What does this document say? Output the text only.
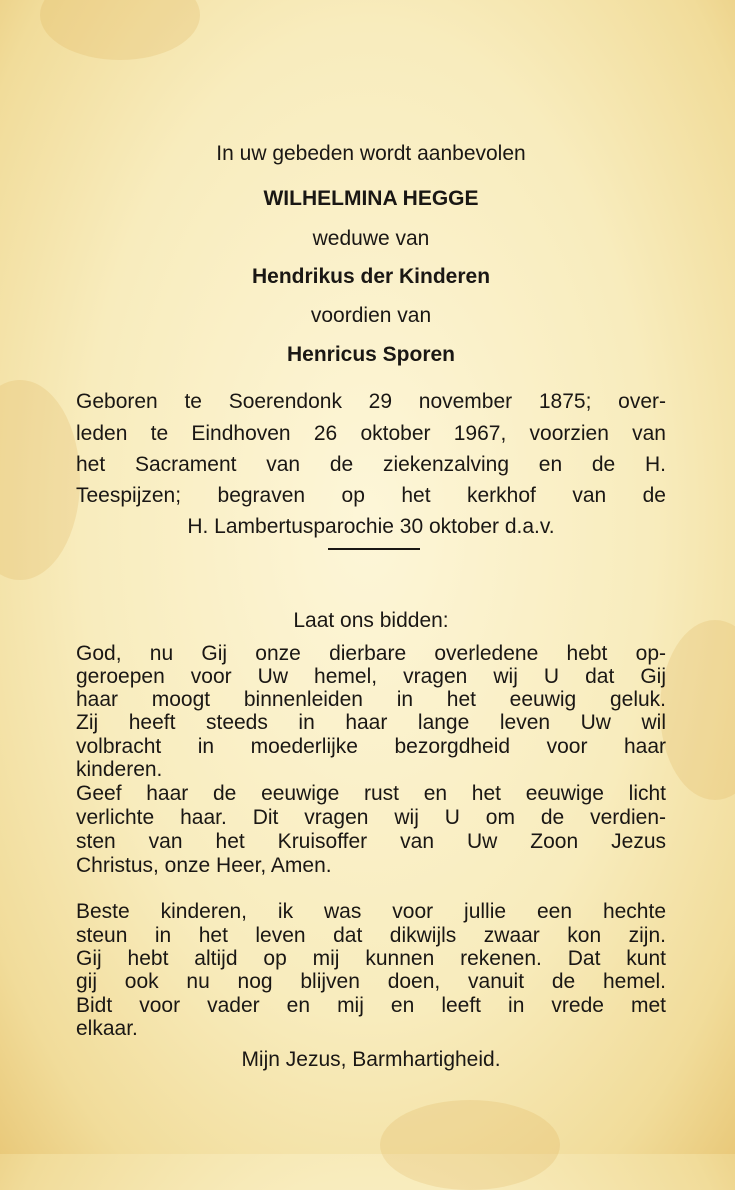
In uw gebeden wordt aanbevolen

WILHELMINA HEGGE

weduwe van

Hendrikus der Kinderen

voordien van

Henricus Sporen

Geboren te Soerendonk 29 november 1875; over-

leden te Eindhoven 26 oktober 1967, voorzien van

het Sacrament van de ziekenzalving en de H.

Teespijzen; begraven op het kerkhof van de

H. Lambertusparochie 30 oktober d.a.v.

Laat ons bidden:

God, nu Gij onze dierbare overledene hebt op-

geroepen voor Uw hemel, vragen wij U dat Gij

haar moogt binnenleiden in het eeuwig geluk.

Zij heeft steeds in haar lange leven Uw wil

volbracht in moederlijke bezorgdheid voor haar

kinderen.

Geef haar de eeuwige rust en het eeuwige licht

verlichte haar. Dit vragen wij U om de verdien-

sten van het Kruisoffer van Uw Zoon Jezus

Christus, onze Heer, Amen.

Beste kinderen, ik was voor jullie een hechte

steun in het leven dat dikwijls zwaar kon zijn.

Gij hebt altijd op mij kunnen rekenen. Dat kunt

gij ook nu nog blijven doen, vanuit de hemel.

Bidt voor vader en mij en leeft in vrede met

elkaar.

Mijn Jezus, Barmhartigheid.
